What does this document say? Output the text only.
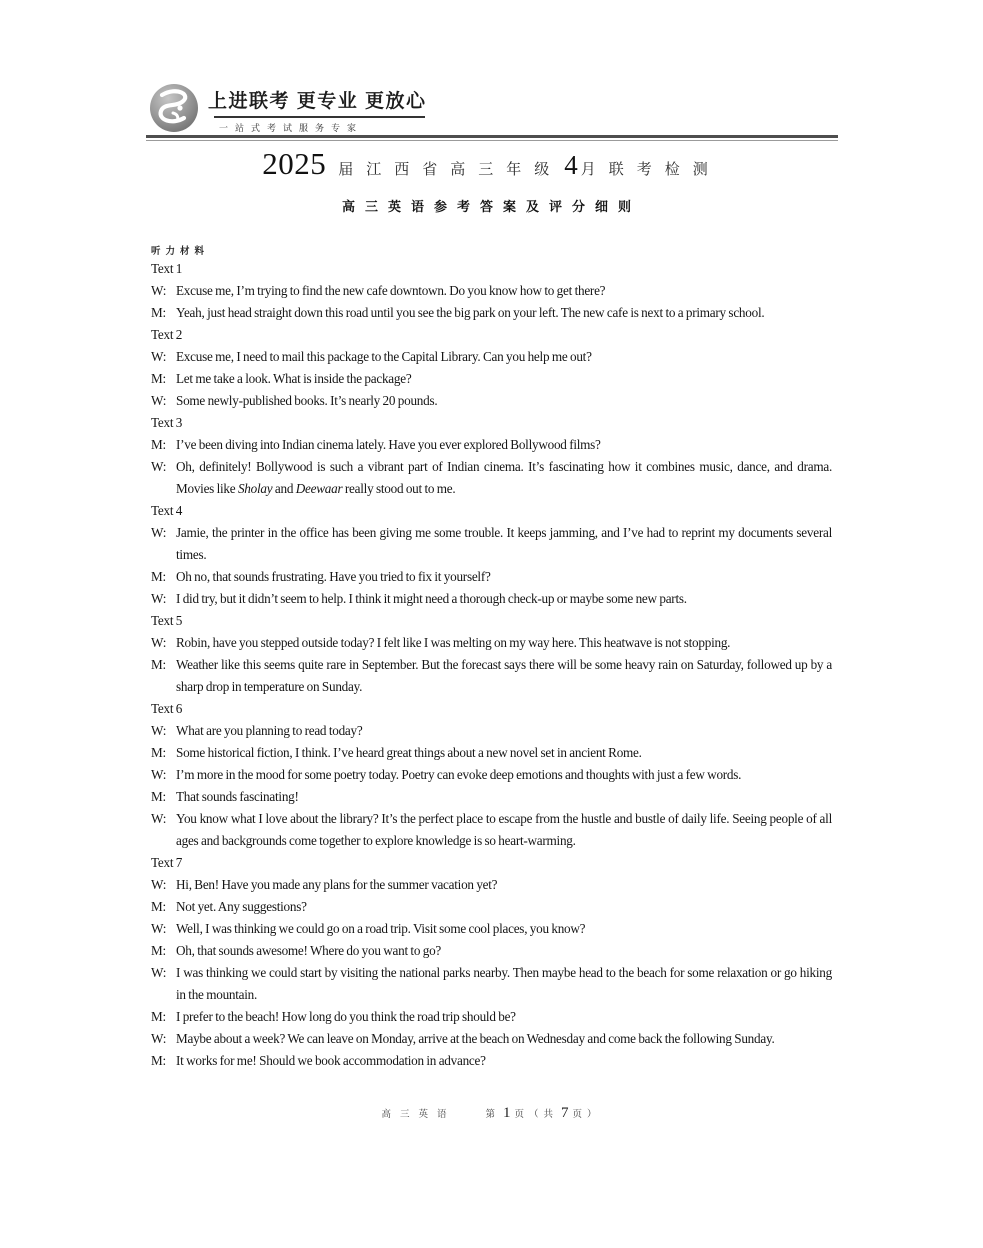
上进联考 更专业 更放心
一站式考试服务专家
2025 届江西省高三年级4 月联考检测
高三英语参考答案及评分细则
听力材料
Text 1
W: Excuse me, I’m trying to find the new cafe downtown. Do you know how to get there?
M: Yeah, just head straight down this road until you see the big park on your left. The new cafe is next to a primary school.
Text 2
W: Excuse me, I need to mail this package to the Capital Library. Can you help me out?
M: Let me take a look. What is inside the package?
W: Some newly-published books. It’s nearly 20 pounds.
Text 3
M: I’ve been diving into Indian cinema lately. Have you ever explored Bollywood films?
W: Oh, definitely! Bollywood is such a vibrant part of Indian cinema. It’s fascinating how it combines music, dance, and drama. Movies like Sholay and Deewaar really stood out to me.
Text 4
W: Jamie, the printer in the office has been giving me some trouble. It keeps jamming, and I’ve had to reprint my documents several times.
M: Oh no, that sounds frustrating. Have you tried to fix it yourself?
W: I did try, but it didn’t seem to help. I think it might need a thorough check-up or maybe some new parts.
Text 5
W: Robin, have you stepped outside today? I felt like I was melting on my way here. This heatwave is not stopping.
M: Weather like this seems quite rare in September. But the forecast says there will be some heavy rain on Saturday, followed up by a sharp drop in temperature on Sunday.
Text 6
W: What are you planning to read today?
M: Some historical fiction, I think. I’ve heard great things about a new novel set in ancient Rome.
W: I’m more in the mood for some poetry today. Poetry can evoke deep emotions and thoughts with just a few words.
M: That sounds fascinating!
W: You know what I love about the library? It’s the perfect place to escape from the hustle and bustle of daily life. Seeing people of all ages and backgrounds come together to explore knowledge is so heart-warming.
Text 7
W: Hi, Ben! Have you made any plans for the summer vacation yet?
M: Not yet. Any suggestions?
W: Well, I was thinking we could go on a road trip. Visit some cool places, you know?
M: Oh, that sounds awesome! Where do you want to go?
W: I was thinking we could start by visiting the national parks nearby. Then maybe head to the beach for some relaxation or go hiking in the mountain.
M: I prefer to the beach! How long do you think the road trip should be?
W: Maybe about a week? We can leave on Monday, arrive at the beach on Wednesday and come back the following Sunday.
M: It works for me! Should we book accommodation in advance?
高三英语	第 1 页（共 7 页）
